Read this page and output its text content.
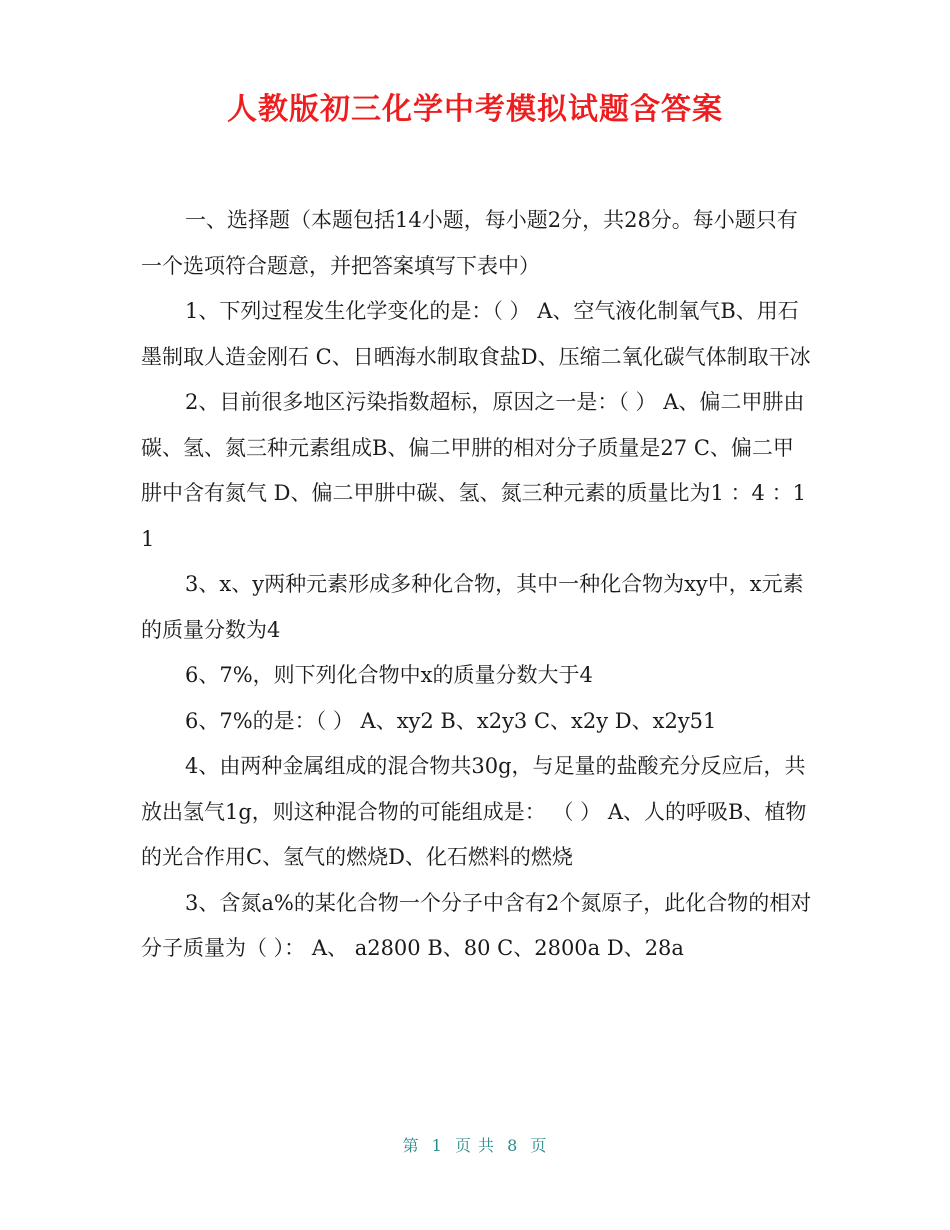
人教版初三化学中考模拟试题含答案

一、选择题（本题包括14小题，每小题2分，共28分。每小题只有一个选项符合题意，并把答案填写下表中）

1、下列过程发生化学变化的是：（ ） A、空气液化制氧气B、用石墨制取人造金刚石 C、日晒海水制取食盐D、压缩二氧化碳气体制取干冰

2、目前很多地区污染指数超标，原因之一是：（ ） A、偏二甲肼由碳、氢、氮三种元素组成B、偏二甲肼的相对分子质量是27 C、偏二甲肼中含有氮气 D、偏二甲肼中碳、氢、氮三种元素的质量比为1 ：4 ：11

3、x、y两种元素形成多种化合物，其中一种化合物为xy中，x元素的质量分数为4

6、7%，则下列化合物中x的质量分数大于4

6、7%的是：（ ） A、xy2 B、x2y3 C、x2y D、x2y51

4、由两种金属组成的混合物共30g，与足量的盐酸充分反应后，共放出氢气1g，则这种混合物的可能组成是： （ ） A、人的呼吸B、植物的光合作用C、氢气的燃烧D、化石燃料的燃烧

3、含氮a%的某化合物一个分子中含有2个氮原子，此化合物的相对分子质量为（ ）： A、 a2800 B、80 C、2800a D、28a

第 1 页 共 8 页
